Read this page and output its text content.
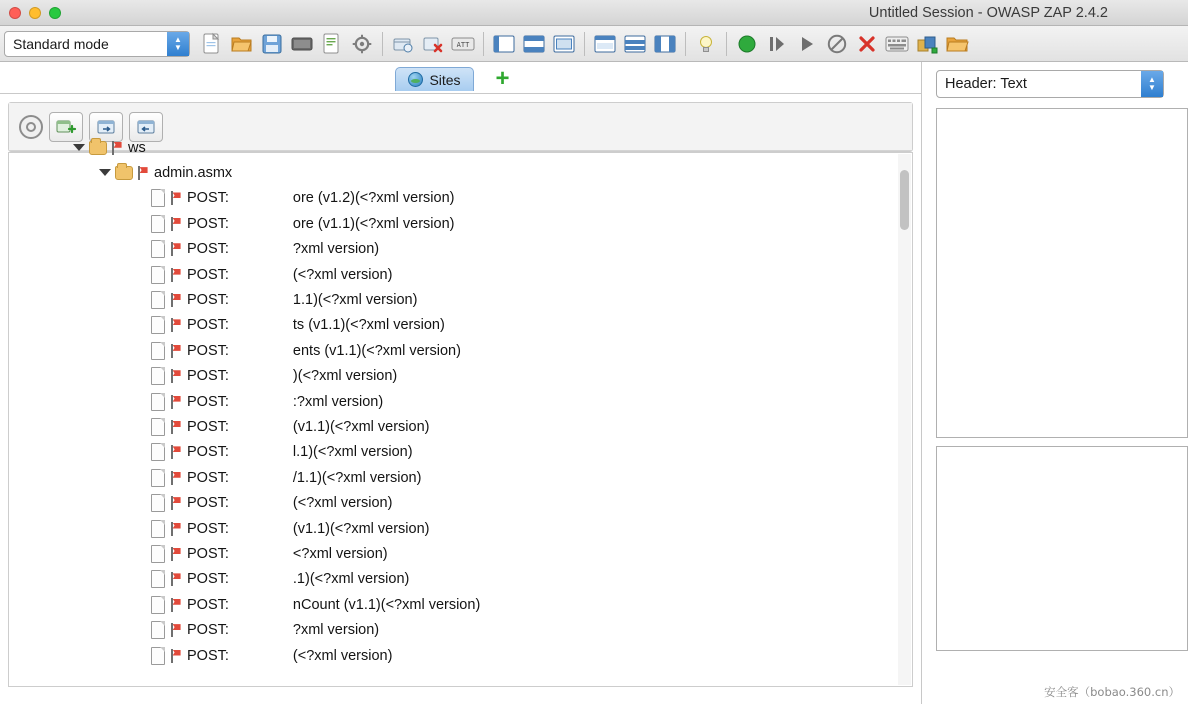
Untitled Session - OWASP ZAP 2.4.2
Standard mode	▲
▼	ATT
Sites +
ws
admin.asmx
POST:	ore (v1.2)(<?xml version)
POST:	ore (v1.1)(<?xml version)
POST:	?xml version)
POST:	(<?xml version)
POST:	1.1)(<?xml version)
POST:	ts (v1.1)(<?xml version)
POST:	ents (v1.1)(<?xml version)
POST:	)(<?xml version)
POST:	:?xml version)
POST:	(v1.1)(<?xml version)
POST:	l.1)(<?xml version)
POST:	/1.1)(<?xml version)
POST:	(<?xml version)
POST:	(v1.1)(<?xml version)
POST:	<?xml version)
POST:	.1)(<?xml version)
POST:	nCount (v1.1)(<?xml version)
POST:	?xml version)
POST:	(<?xml version)
Header: Text	▲
▼
安全客（bobao.360.cn）
